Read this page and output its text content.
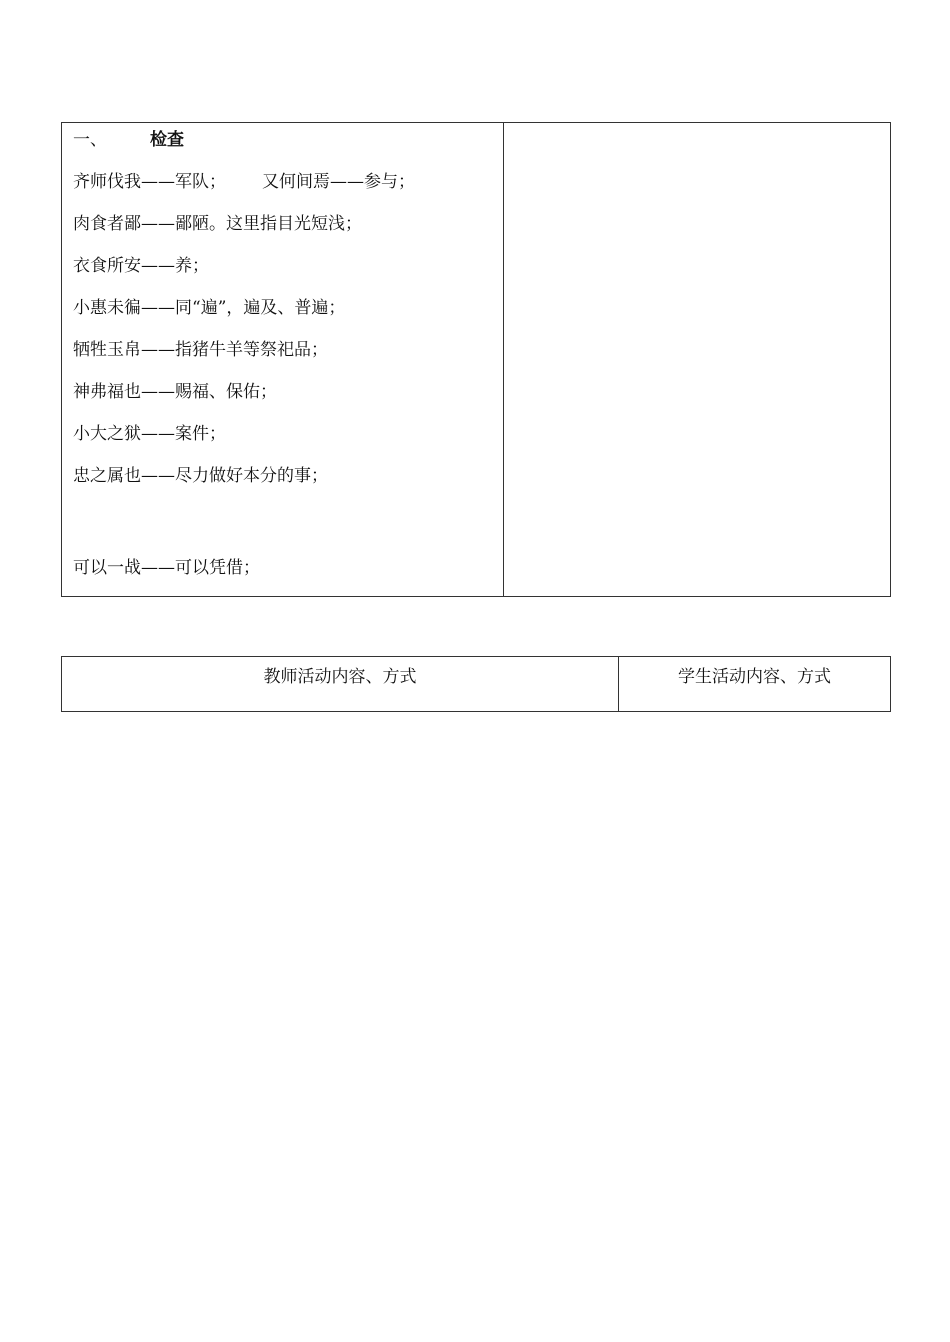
一、	检查
齐师伐我——军队； 又何间焉——参与；
肉食者鄙——鄙陋。这里指目光短浅；
衣食所安——养；
小惠未徧——同“遍”，遍及、普遍；
牺牲玉帛——指猪牛羊等祭祀品；
神弗福也——赐福、保佑；
小大之狱——案件；
忠之属也——尽力做好本分的事；
可以一战——可以凭借；
教师活动内容、方式	学生活动内容、方式
